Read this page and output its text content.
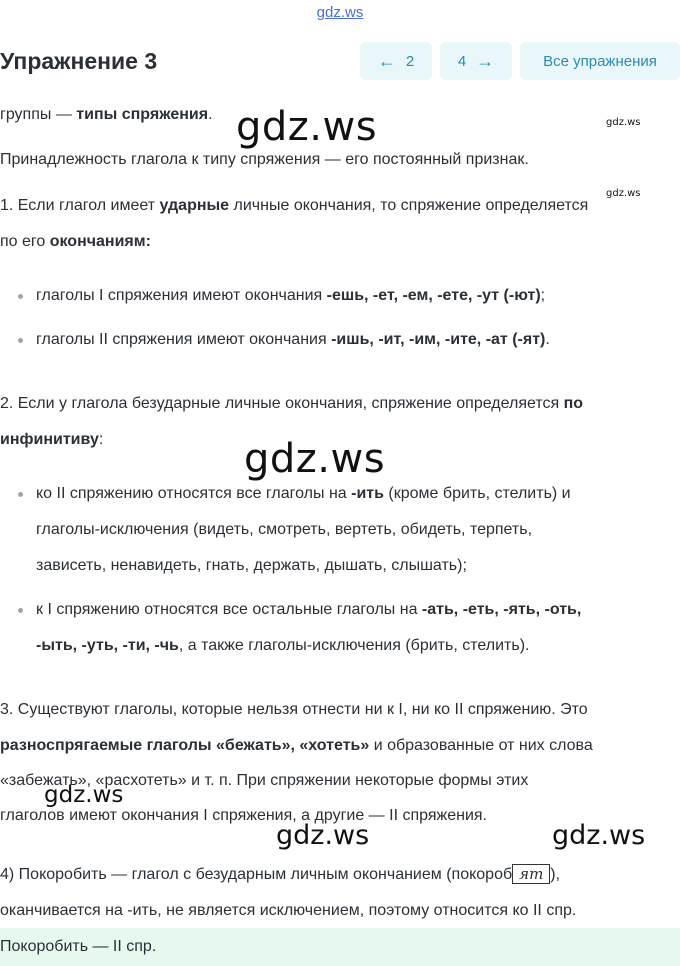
gdz.ws
Упражнение 3	← 2	4 →	Все упражнения
группы — типы спряжения.
Принадлежность глагола к типу спряжения — его постоянный признак.
1. Если глагол имеет ударные личные окончания, то спряжение определяется
по его окончаниям:
глаголы I спряжения имеют окончания -ешь, -ет, -ем, -ете, -ут (-ют);
глаголы II спряжения имеют окончания -ишь, -ит, -им, -ите, -ат (-ят).
2. Если у глагола безударные личные окончания, спряжение определяется по
инфинитиву:
ко II спряжению относятся все глаголы на -ить (кроме брить, стелить) и
глаголы-исключения (видеть, смотреть, вертеть, обидеть, терпеть,
зависеть, ненавидеть, гнать, держать, дышать, слышать);
к I спряжению относятся все остальные глаголы на -ать, -еть, -ять, -оть,
-ыть, -уть, -ти, -чь, а также глаголы-исключения (брить, стелить).
3. Существуют глаголы, которые нельзя отнести ни к I, ни ко II спряжению. Это
разноспрягаемые глаголы «бежать», «хотеть» и образованные от них слова
«забежать», «расхотеть» и т. п. При спряжении некоторые формы этих
глаголов имеют окончания I спряжения, а другие — II спряжения.
4) Покоробить — глагол с безударным личным окончанием (покороб ят ),
оканчивается на -ить, не является исключением, поэтому относится ко II спр.
Покоробить — II спр.
gdz.ws	gdz.ws
gdz.ws
gdz.ws
gdz.ws
gdz.ws	gdz.ws
